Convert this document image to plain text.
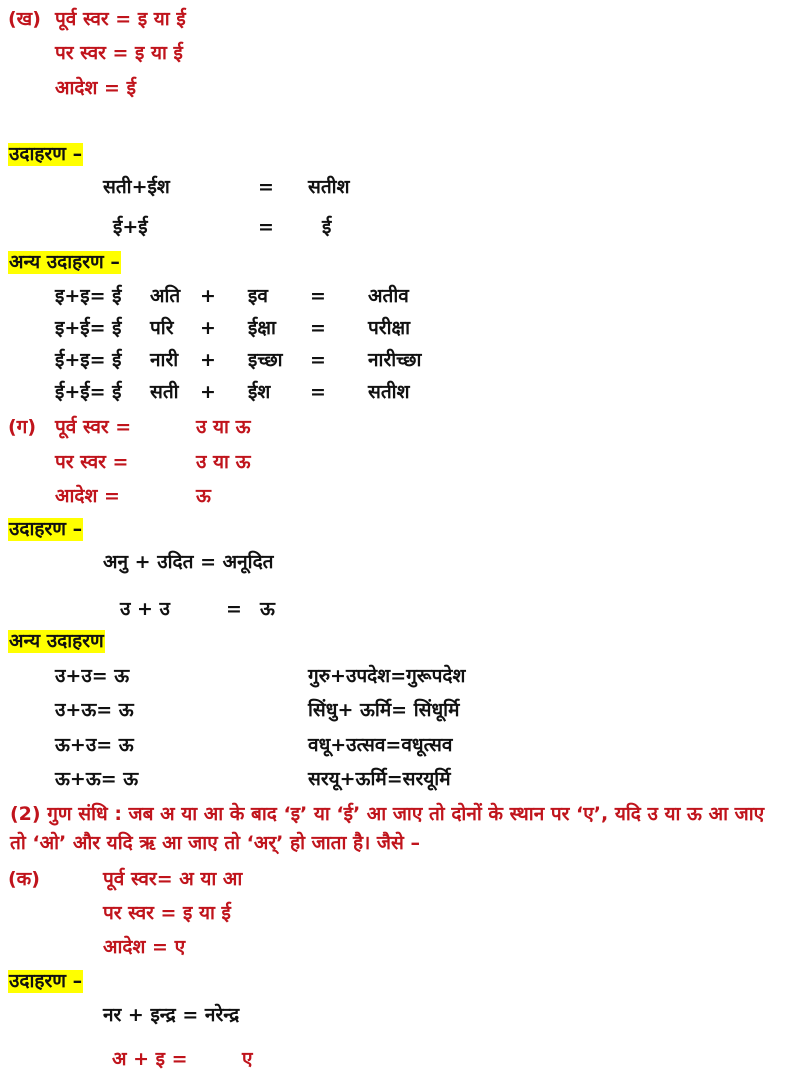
(ख) पूर्व स्वर = इ या ई
पर स्वर = इ या ई
आदेश = ई
उदाहरण –
सती+ईश	= सतीश
ई+ई	=	ई
अन्य उदाहरण –
इ+इ= ई अति + इव = अतीव
इ+ई= ई परि + ईक्षा = परीक्षा
ई+इ= ई नारी + इच्छा = नारीच्छा
ई+ई= ई सती + ईश = सतीश
(ग) पूर्व स्वर =	उ या ऊ
पर स्वर =	उ या ऊ
आदेश =	ऊ
उदाहरण –
अनु + उदित = अनूदित
उ + उ	= ऊ
अन्य उदाहरण
उ+उ= ऊ	गुरु+उपदेश=गुरूपदेश
उ+ऊ= ऊ	सिंधु+ ऊर्मि= सिंधूर्मि
ऊ+उ= ऊ	वधू+उत्सव=वधूत्सव
ऊ+ऊ= ऊ	सरयू+ऊर्मि=सरयूर्मि
(2) गुण संधि : जब अ या आ के बाद ‘इ’ या ‘ई’ आ जाए तो दोनों के स्थान पर ‘ए’, यदि उ या ऊ आ जाए तो ‘ओ’ और यदि ऋ आ जाए तो ‘अर्’ हो जाता है। जैसे –
(क)	पूर्व स्वर= अ या आ
पर स्वर = इ या ई
आदेश = ए
उदाहरण –
नर + इन्द्र = नरेन्द्र
अ + इ =	ए
